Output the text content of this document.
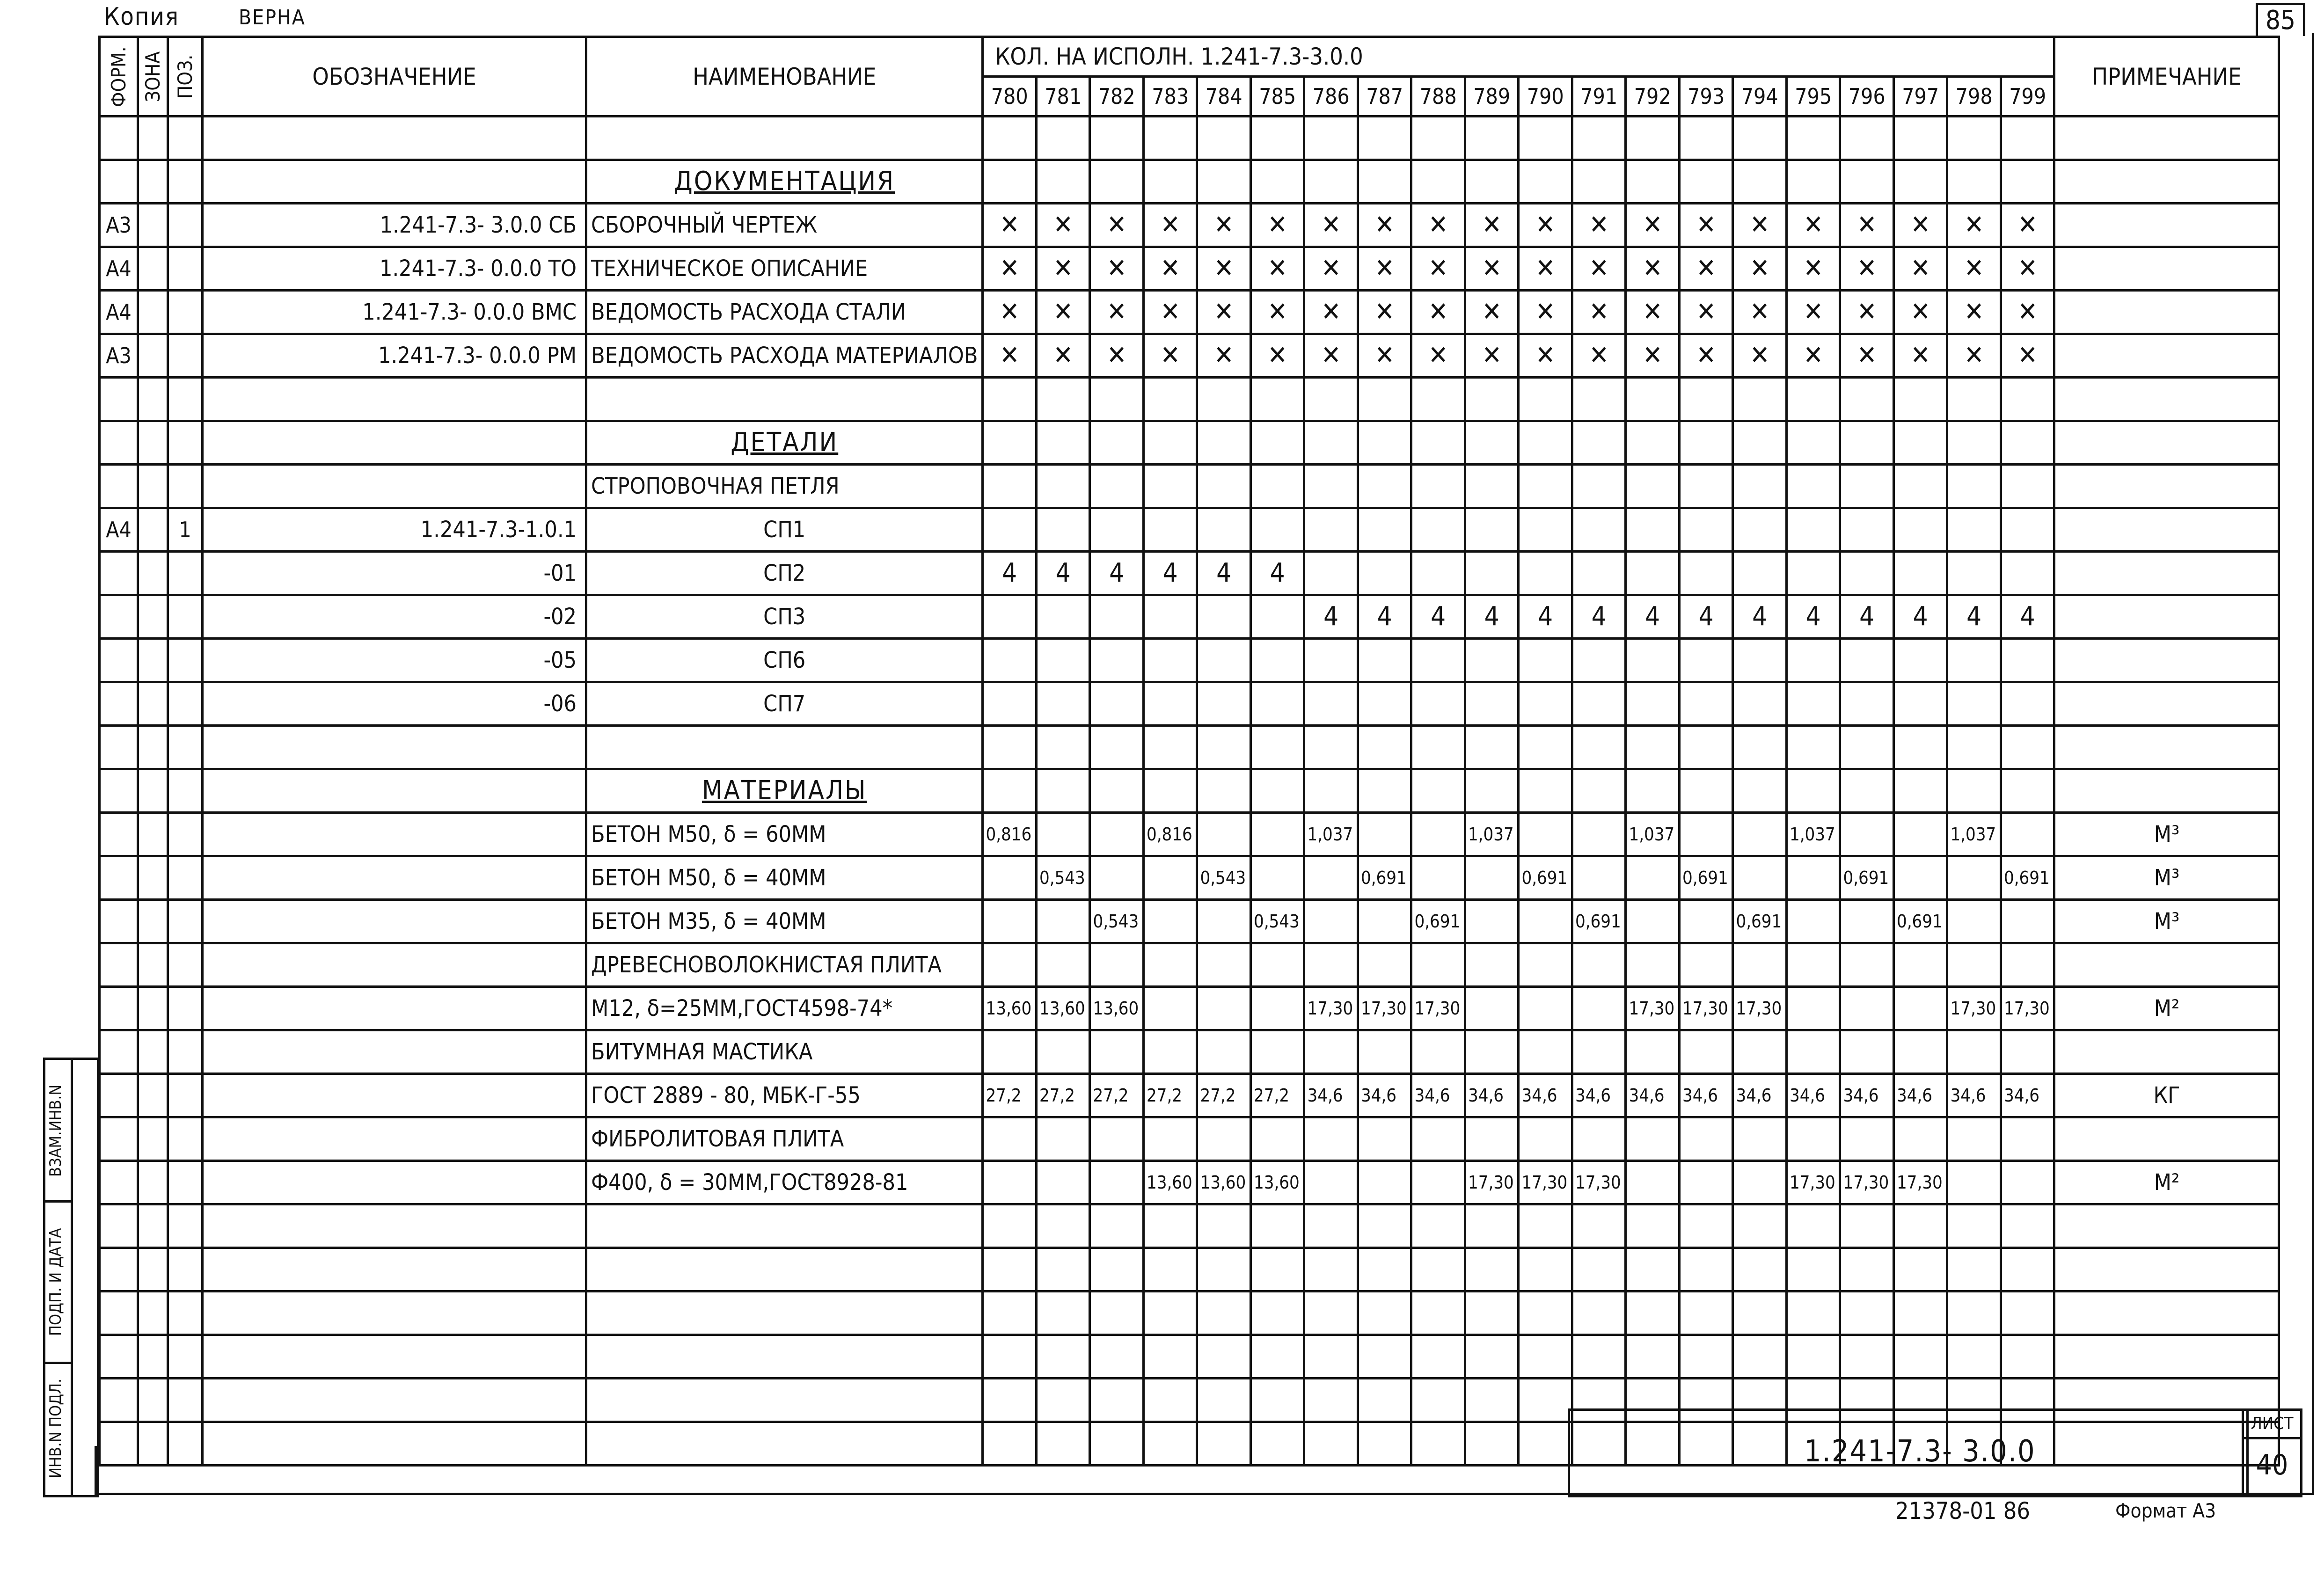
Копия	ВЕРНА	85
ФОРМ.	ЗОНА	ПОЗ.	ОБОЗНАЧЕНИЕ	НАИМЕНОВАНИЕ	КОЛ. НА ИСПОЛН. 1.241-7.3-3.0.0																				ПРИМЕЧАНИЕ
					780	781	782	783	784	785	786	787	788	789	790	791	792	793	794	795	796	797	798	799	

				ДОКУМЕНТАЦИЯ																					
А3			1.241-7.3- 3.0.0 СБ	СБОРОЧНЫЙ ЧЕРТЕЖ	✕	✕	✕	✕	✕	✕	✕	✕	✕	✕	✕	✕	✕	✕	✕	✕	✕	✕	✕	✕	
А4			1.241-7.3- 0.0.0 ТО	ТЕХНИЧЕСКОЕ ОПИСАНИЕ	✕	✕	✕	✕	✕	✕	✕	✕	✕	✕	✕	✕	✕	✕	✕	✕	✕	✕	✕	✕	
А4			1.241-7.3- 0.0.0 ВМС	ВЕДОМОСТЬ РАСХОДА СТАЛИ	✕	✕	✕	✕	✕	✕	✕	✕	✕	✕	✕	✕	✕	✕	✕	✕	✕	✕	✕	✕	
А3			1.241-7.3- 0.0.0 РМ	ВЕДОМОСТЬ РАСХОДА МАТЕРИАЛОВ	✕	✕	✕	✕	✕	✕	✕	✕	✕	✕	✕	✕	✕	✕	✕	✕	✕	✕	✕	✕	

				ДЕТАЛИ																					
				СТРОПОВОЧНАЯ ПЕТЛЯ																					
А4		1	1.241-7.3-1.0.1	СП1																					
			-01	СП2	4	4	4	4	4	4															
			-02	СП3							4	4	4	4	4	4	4	4	4	4	4	4	4	4	
			-05	СП6																					
			-06	СП7																					

				МАТЕРИАЛЫ																					
				БЕТОН М50, δ = 60ММ	0,816			0,816			1,037			1,037			1,037			1,037			1,037		М³
				БЕТОН М50, δ = 40ММ		0,543			0,543			0,691			0,691			0,691			0,691			0,691	М³
				БЕТОН М35, δ = 40ММ			0,543			0,543			0,691			0,691			0,691			0,691			М³
				ДРЕВЕСНОВОЛОКНИСТАЯ ПЛИТА																					
				М12, δ=25ММ,ГОСТ4598-74*	13,60	13,60	13,60				17,30	17,30	17,30				17,30	17,30	17,30				17,30	17,30	М²
				БИТУМНАЯ МАСТИКА																					
				ГОСТ 2889 - 80, МБК-Г-55	27,2	27,2	27,2	27,2	27,2	27,2	34,6	34,6	34,6	34,6	34,6	34,6	34,6	34,6	34,6	34,6	34,6	34,6	34,6	34,6	КГ
				ФИБРОЛИТОВАЯ ПЛИТА																					
				Ф400, δ = 30ММ,ГОСТ8928-81				13,60	13,60	13,60				17,30	17,30	17,30				17,30	17,30	17,30			М²

ИНВ.N ПОДЛ.
ПОДП. И ДАТА
ВЗАМ.ИНВ.N
1.241-7.3- 3.0.0
ЛИСТ
40
21378-01 86	Формат А3
